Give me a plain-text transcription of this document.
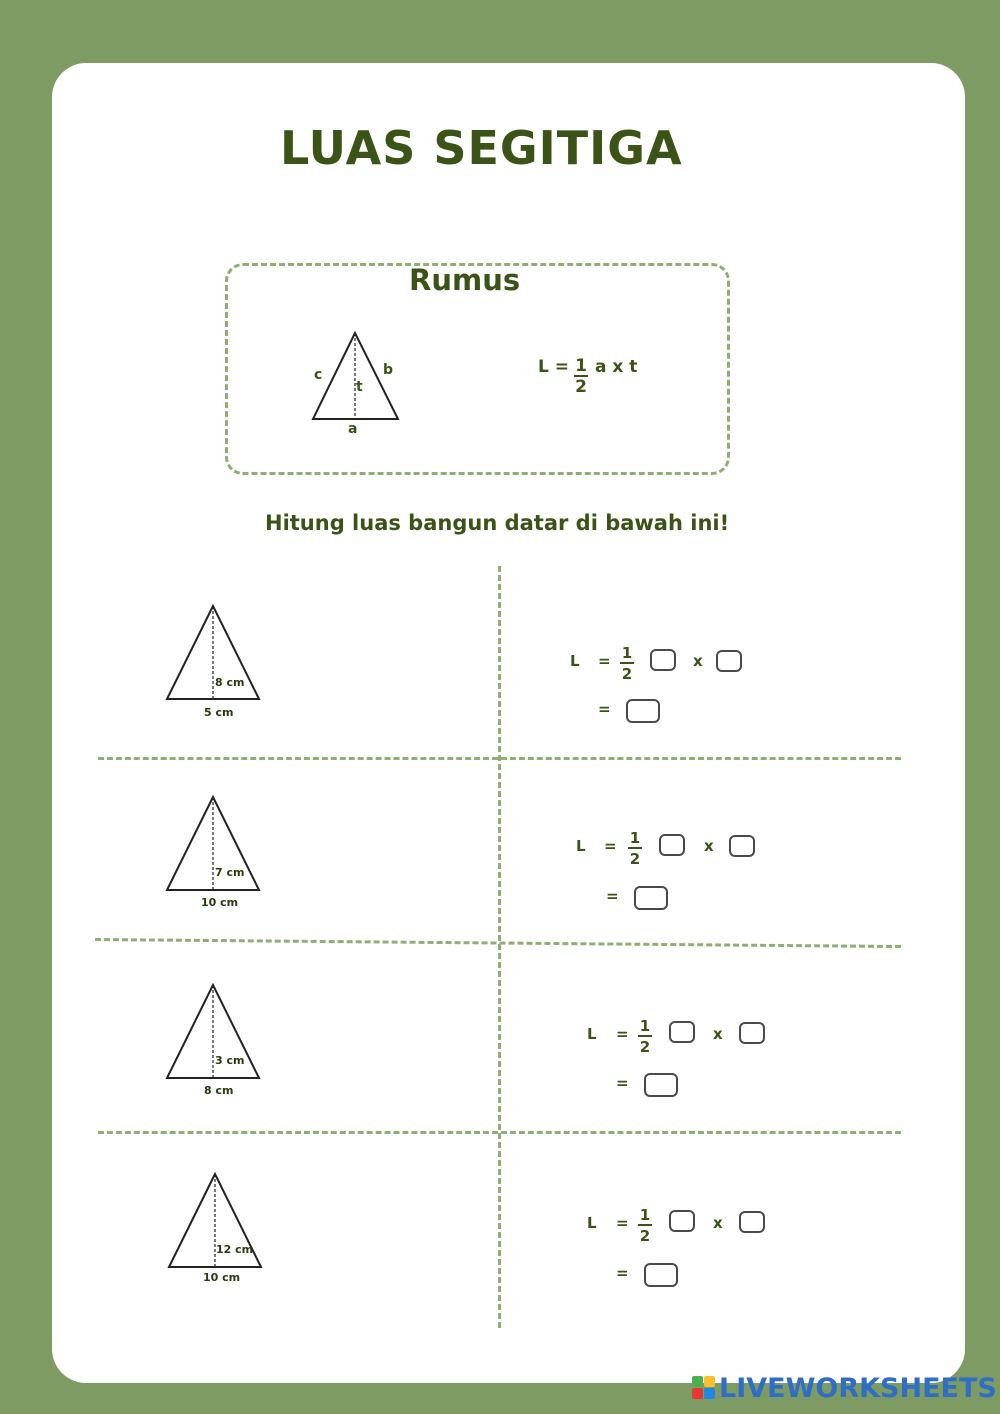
LUAS SEGITIGA
Rumus
c	b
t
a
$L = \frac{1}{2}$ a x t
Hitung luas bangun datar di bawah ini!
8 cm
5 cm
$L = \frac{1}{2}$	x
=
7 cm
10 cm
$L = \frac{1}{2}$	x
=
3 cm
8 cm
$L = \frac{1}{2}$	x
=
12 cm
10 cm
$L = \frac{1}{2}$	x
=
LIVEWORKSHEETS
